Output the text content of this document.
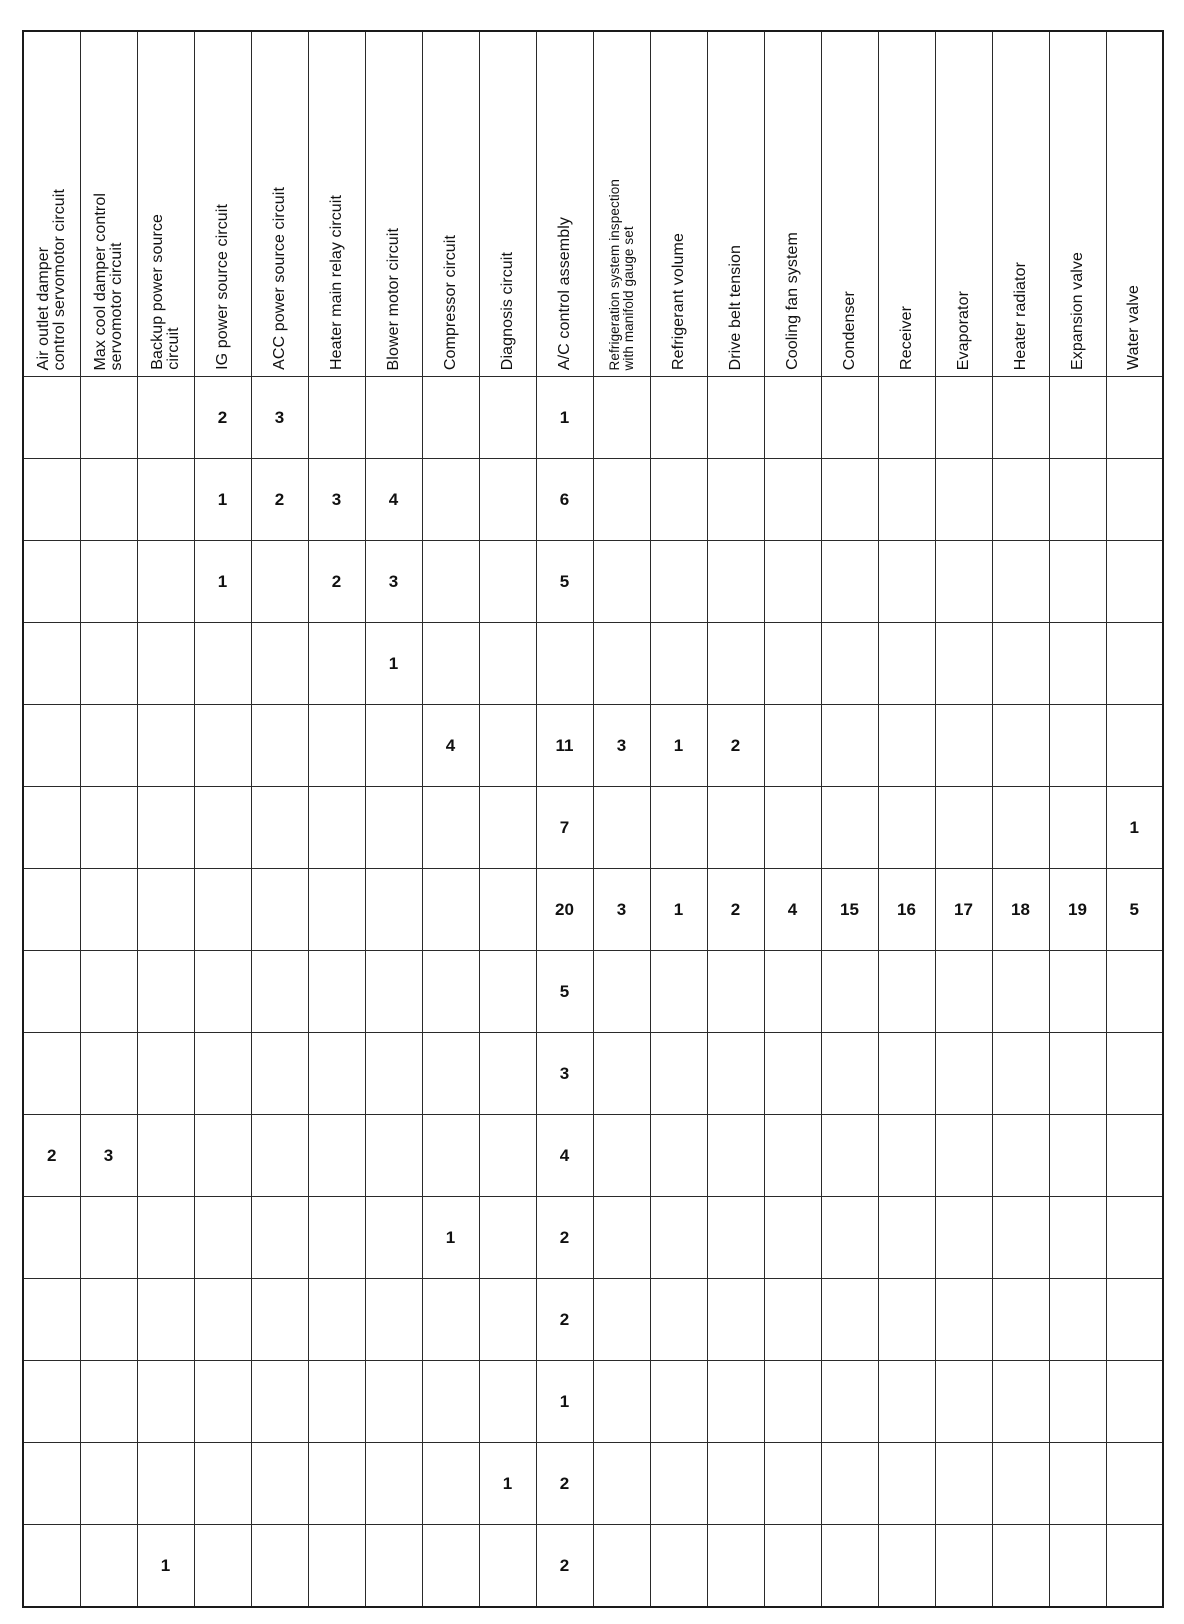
Air outlet damper
control servomotor circuit	Max cool damper control
servomotor circuit	Backup power source
circuit	IG power source circuit	ACC power source circuit	Heater main relay circuit	Blower motor circuit	Compressor circuit	Diagnosis circuit	A/C control assembly	Refrigeration system inspection
with manifold gauge set	Refrigerant volume	Drive belt tension	Cooling fan system	Condenser	Receiver	Evaporator	Heater radiator	Expansion valve	Water valve

			2	3					1										
			1	2	3	4			6										
			1		2	3			5										
						1													
							4		11	3	1	2							
									7										1
									20	3	1	2	4	15	16	17	18	19	5
									5										
									3										
2	3								4										
							1		2										
									2										
									1										
								1	2										
		1							2										
